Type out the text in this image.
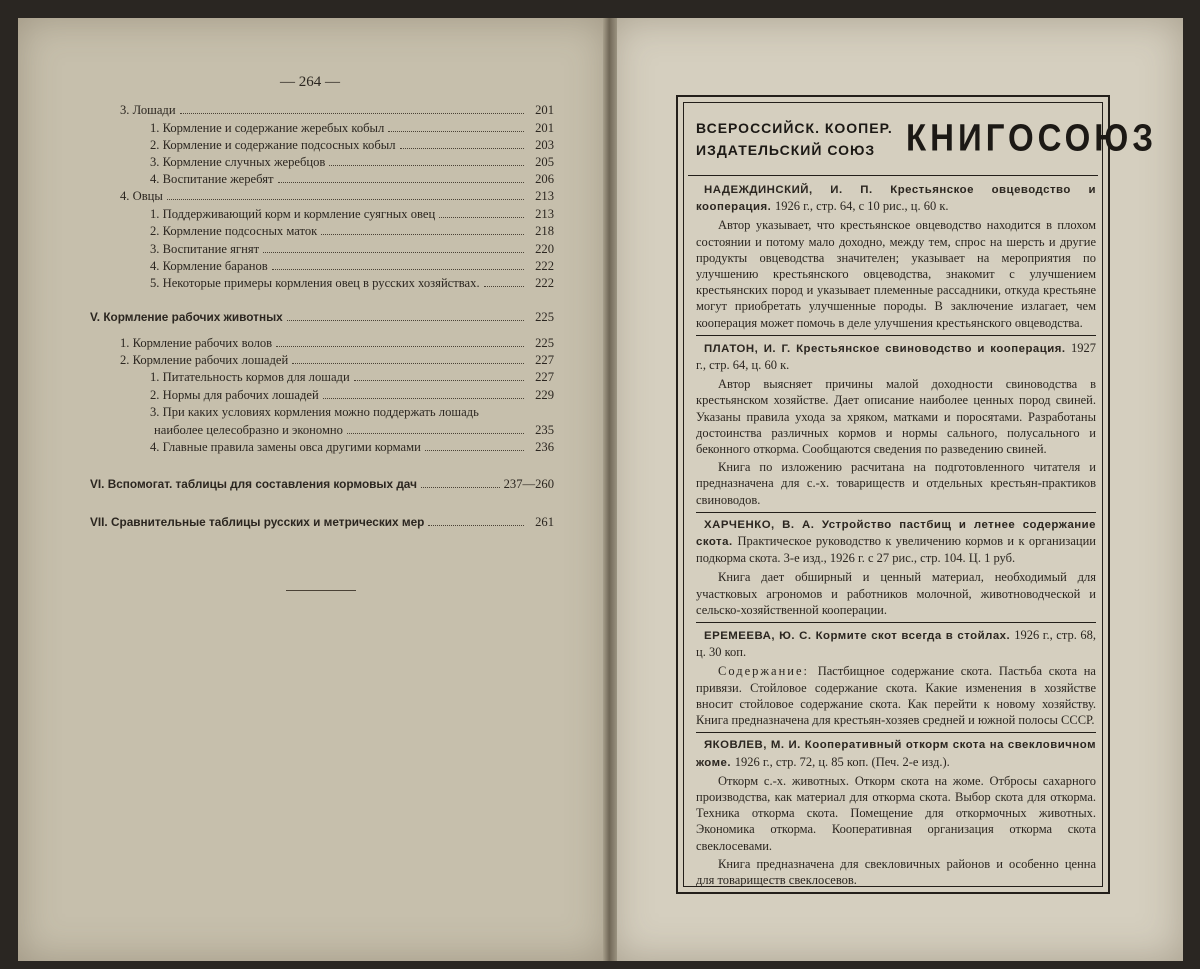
— 264 —
3. Лошади	201
1. Кормление и содержание жеребых кобыл	201
2. Кормление и содержание подсосных кобыл	203
3. Кормление случных жеребцов	205
4. Воспитание жеребят	206
4. Овцы	213
1. Поддерживающий корм и кормление суягных овец	213
2. Кормление подсосных маток	218
3. Воспитание ягнят	220
4. Кормление баранов	222
5. Некоторые примеры кормления овец в русских хозяйствах.	222
V. Кормление рабочих животных	225
1. Кормление рабочих волов	225
2. Кормление рабочих лошадей	227
1. Питательность кормов для лошади	227
2. Нормы для рабочих лошадей	229
3. При каких условиях кормления можно поддержать лошадь
наиболее целесобразно и экономно	235
4. Главные правила замены овса другими кормами	236
VI. Вспомогат. таблицы для составления кормовых дач	237—260
VII. Сравнительные таблицы русских и метрических мер	261
ВСЕРОССИЙСК. КООПЕР.
ИЗДАТЕЛЬСКИЙ СОЮЗ КНИГОСОЮЗ
НАДЕЖДИНСКИЙ, И. П. Крестьянское овцеводство и кооперация. 1926 г., стр. 64, с 10 рис., ц. 60 к.

Автор указывает, что крестьянское овцеводство находится в плохом состоянии и потому мало доходно, между тем, спрос на шерсть и другие продукты овцеводства значителен; указывает на мероприятия по улучшению крестьянского овцеводства, знакомит с улучшением крестьянских пород и указывает племенные рассадники, откуда крестьяне могут приобретать улучшенные породы. В заключение излагает, чем кооперация может помочь в деле улучшения крестьянского овцеводства.

ПЛАТОН, И. Г. Крестьянское свиноводство и кооперация. 1927 г., стр. 64, ц. 60 к.

Автор выясняет причины малой доходности свиноводства в крестьянском хозяйстве. Дает описание наиболее ценных пород свиней. Указаны правила ухода за хряком, матками и поросятами. Разработаны достоинства различных кормов и нормы сального, полусального и беконного откорма. Сообщаются сведения по разведению свиней.

Книга по изложению расчитана на подготовленного читателя и предназначена для с.-х. товариществ и отдельных крестьян-практиков свиноводов.

ХАРЧЕНКО, В. А. Устройство пастбищ и летнее содержание скота. Практическое руководство к увеличению кормов и к организации подкорма скота. 3-е изд., 1926 г. с 27 рис., стр. 104. Ц. 1 руб.

Книга дает обширный и ценный материал, необходимый для участковых агрономов и работников молочной, животноводческой и сельско-хозяйственной кооперации.

ЕРЕМЕЕВА, Ю. С. Кормите скот всегда в стойлах. 1926 г., стр. 68, ц. 30 коп.

Содержание: Пастбищное содержание скота. Пастьба скота на привязи. Стойловое содержание скота. Какие изменения в хозяйстве вносит стойловое содержание скота. Как перейти к новому хозяйству. Книга предназначена для крестьян-хозяев средней и южной полосы СССР.

ЯКОВЛЕВ, М. И. Кооперативный откорм скота на свекловичном жоме. 1926 г., стр. 72, ц. 85 коп. (Печ. 2-е изд.).

Откорм с.-х. животных. Откорм скота на жоме. Отбросы сахарного производства, как материал для откорма скота. Выбор скота для откорма. Техника откорма скота. Помещение для откормочных животных. Экономика откорма. Кооперативная организация откорма скота свеклосевами.

Книга предназначена для свекловичных районов и особенно ценна для товариществ свеклосевов.
